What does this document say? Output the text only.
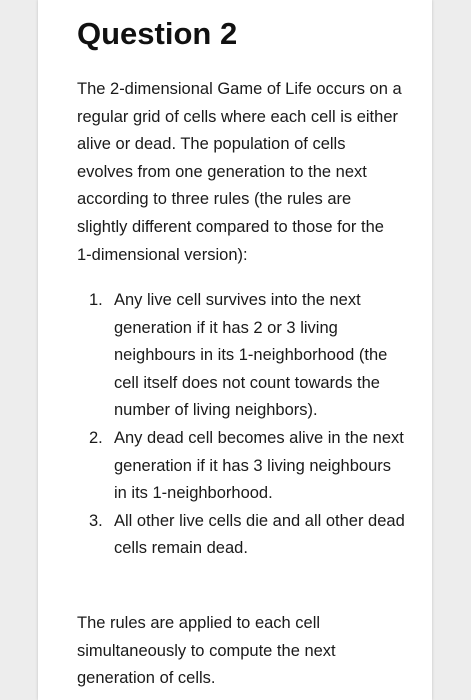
Question 2

The 2-dimensional Game of Life occurs on a regular grid of cells where each cell is either alive or dead. The population of cells evolves from one generation to the next according to three rules (the rules are slightly different compared to those for the 1-dimensional version):

1. Any live cell survives into the next generation if it has 2 or 3 living neighbours in its 1-neighborhood (the cell itself does not count towards the number of living neighbors).
2. Any dead cell becomes alive in the next generation if it has 3 living neighbours in its 1-neighborhood.
3. All other live cells die and all other dead cells remain dead.

The rules are applied to each cell simultaneously to compute the next generation of cells.
